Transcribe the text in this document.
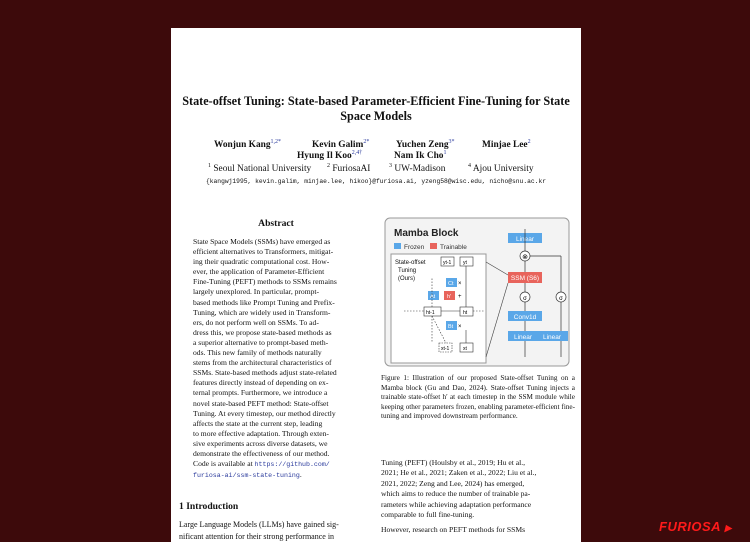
State-offset Tuning: State-based Parameter-Efficient Fine-Tuning for State
Space Models
Wonjun Kang$^{1,2*}$	Kevin Galim$^{2*}$	Yuchen Zeng$^{3*}$	Minjae Lee$^2$
Hyung Il Koo$^{2,4\dagger}$	Nam Ik Cho$^1$
$^1$ Seoul National University	$^2$ FuriosaAI	$^3$ UW-Madison	$^4$ Ajou University
{kangwj1995, kevin.galim, minjae.lee, hikoo}@furiosa.ai, yzeng58@wisc.edu, nicho@snu.ac.kr
Abstract
State Space Models (SSMs) have emerged as
efficient alternatives to Transformers, mitigat-
ing their quadratic computational cost. How-
ever, the application of Parameter-Efficient
Fine-Tuning (PEFT) methods to SSMs remains
largely unexplored. In particular, prompt-
based methods like Prompt Tuning and Prefix-
Tuning, which are widely used in Transform-
ers, do not perform well on SSMs. To ad-
dress this, we propose state-based methods as
a superior alternative to prompt-based meth-
ods. This new family of methods naturally
stems from the architectural characteristics of
SSMs. State-based methods adjust state-related
features directly instead of depending on ex-
ternal prompts. Furthermore, we introduce a
novel state-based PEFT method: State-offset
Tuning. At every timestep, our method directly
affects the state at the current step, leading
to more effective adaptation. Through exten-
sive experiments across diverse datasets, we
demonstrate the effectiveness of our method.
Code is available at https://github.com/
furiosa-ai/ssm-state-tuning.
1 Introduction
Large Language Models (LLMs) have gained sig-
nificant attention for their strong performance in
Mamba Block
Frozen Trainable
State-offset
Tuning
(Ours)
yt-1 yt
Ct ×
At h′ +
ht-1	ht
Bt ×
xt-1	xt
Linear
⊗
SSM (S6)
σ	σ
Conv1d
Linear Linear
Figure 1: Illustration of our proposed State-offset Tuning on a Mamba block (Gu and Dao, 2024). State-offset Tuning injects a trainable state-offset h′ at each timestep in the SSM module while keeping other parameters frozen, enabling parameter-efficient fine-tuning and improved downstream performance.
Tuning (PEFT) (Houlsby et al., 2019; Hu et al.,
2021; He et al., 2021; Zaken et al., 2022; Liu et al.,
2021, 2022; Zeng and Lee, 2024) has emerged,
which aims to reduce the number of trainable pa-
rameters while achieving adaptation performance
comparable to full fine-tuning.
However, research on PEFT methods for SSMs	FURIOSA ▶
